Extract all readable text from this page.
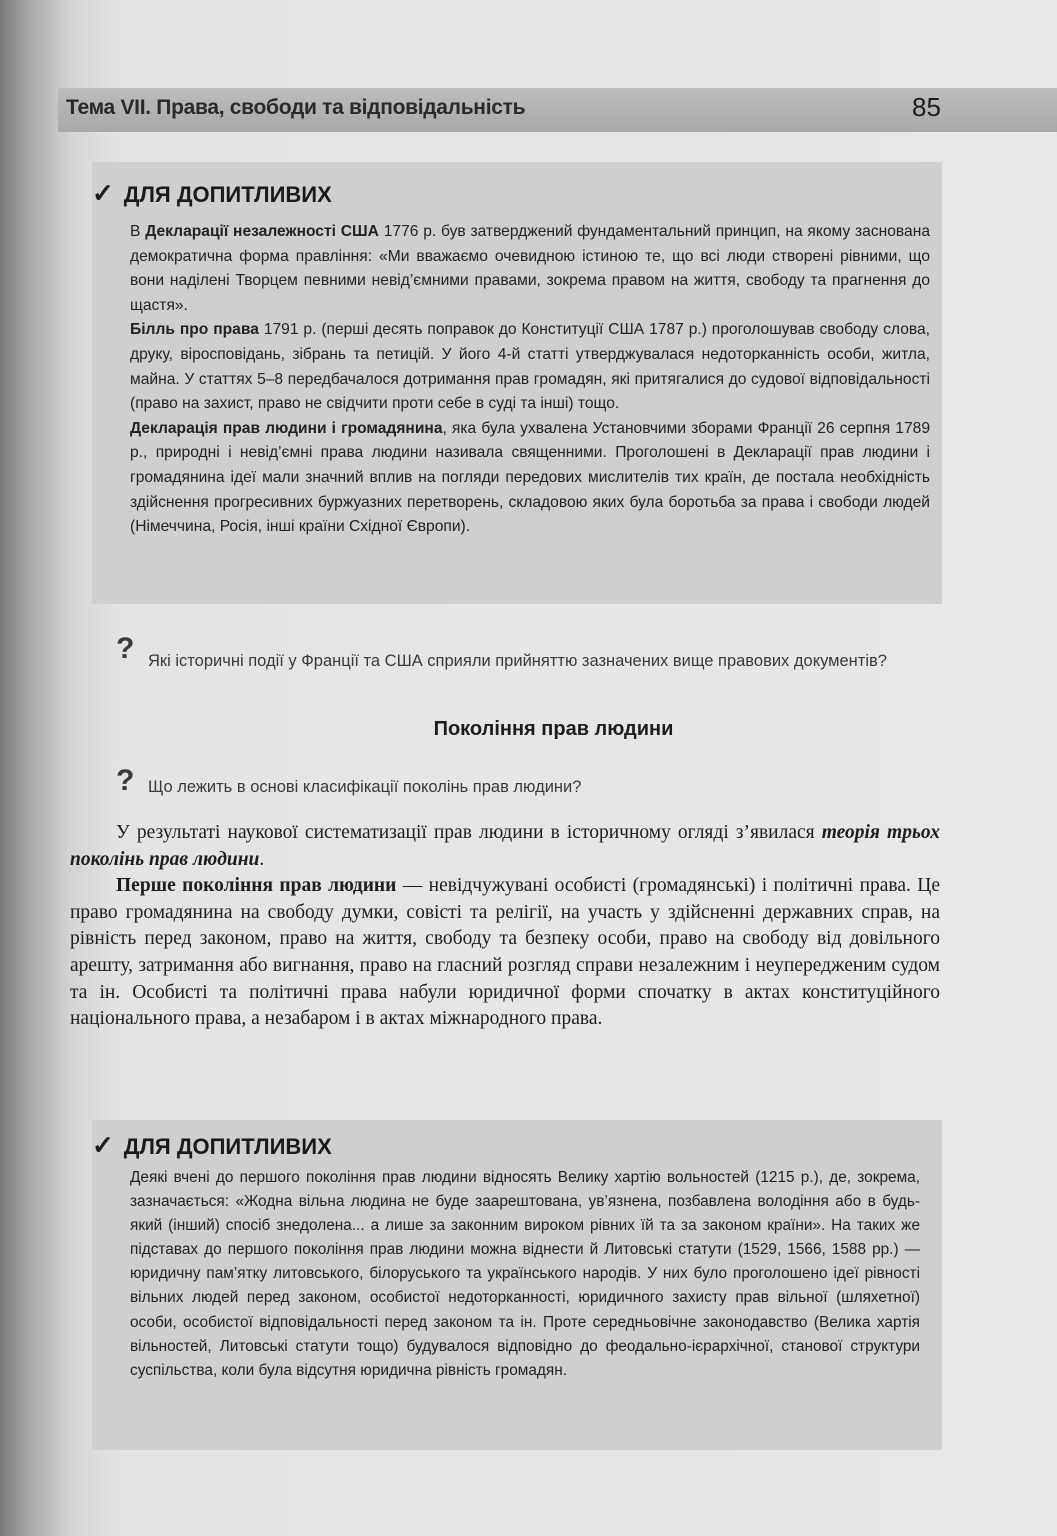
Тема VII. Права, свободи та відповідальність	85
✓ ДЛЯ ДОПИТЛИВИХ

В Декларації незалежності США 1776 р. був затверджений фундаментальний принцип, на якому заснована демократична форма правління: «Ми вважаємо очевидною істиною те, що всі люди створені рівними, що вони наділені Творцем певними невід’ємними правами, зокрема правом на життя, свободу та прагнення до щастя».

Білль про права 1791 р. (перші десять поправок до Конституції США 1787 р.) проголошував свободу слова, друку, віросповідань, зібрань та петицій. У його 4-й статті утверджувалася недоторканність особи, житла, майна. У статтях 5–8 передбачалося дотримання прав громадян, які притягалися до судової відповідальності (право на захист, право не свідчити проти себе в суді та інші) тощо.

Декларація прав людини і громадянина, яка була ухвалена Установчими зборами Франції 26 серпня 1789 р., природні і невід’ємні права людини називала священними. Проголошені в Декларації прав людини і громадянина ідеї мали значний вплив на погляди передових мислителів тих країн, де постала необхідність здійснення прогресивних буржуазних перетворень, складовою яких була боротьба за права і свободи людей (Німеччина, Росія, інші країни Східної Європи).

? Які історичні події у Франції та США сприяли прийняттю зазначених вище правових документів?
Покоління прав людини
? Що лежить в основі класифікації поколінь прав людини?

У результаті наукової систематизації прав людини в історичному огляді з’явилася теорія трьох поколінь прав людини.

Перше покоління прав людини — невідчужувані особисті (громадянські) і політичні права. Це право громадянина на свободу думки, совісті та релігії, на участь у здійсненні державних справ, на рівність перед законом, право на життя, свободу та безпеку особи, право на свободу від довільного арешту, затримання або вигнання, право на гласний розгляд справи незалежним і неупередженим судом та ін. Особисті та політичні права набули юридичної форми спочатку в актах конституційного національного права, а незабаром і в актах міжнародного права.

✓ ДЛЯ ДОПИТЛИВИХ

Деякі вчені до першого покоління прав людини відносять Велику хартію вольностей (1215 р.), де, зокрема, зазначається: «Жодна вільна людина не буде заарештована, ув’язнена, позбавлена володіння або в будь-який (інший) спосіб знедолена... а лише за законним вироком рівних їй та за законом країни». На таких же підставах до першого покоління прав людини можна віднести й Литовські статути (1529, 1566, 1588 рр.) — юридичну пам’ятку литовського, білоруського та українського народів. У них було проголошено ідеї рівності вільних людей перед законом, особистої недоторканності, юридичного захисту прав вільної (шляхетної) особи, особистої відповідальності перед законом та ін. Проте середньовічне законодавство (Велика хартія вільностей, Литовські статути тощо) будувалося відповідно до феодально-ієрархічної, станової структури суспільства, коли була відсутня юридична рівність громадян.
